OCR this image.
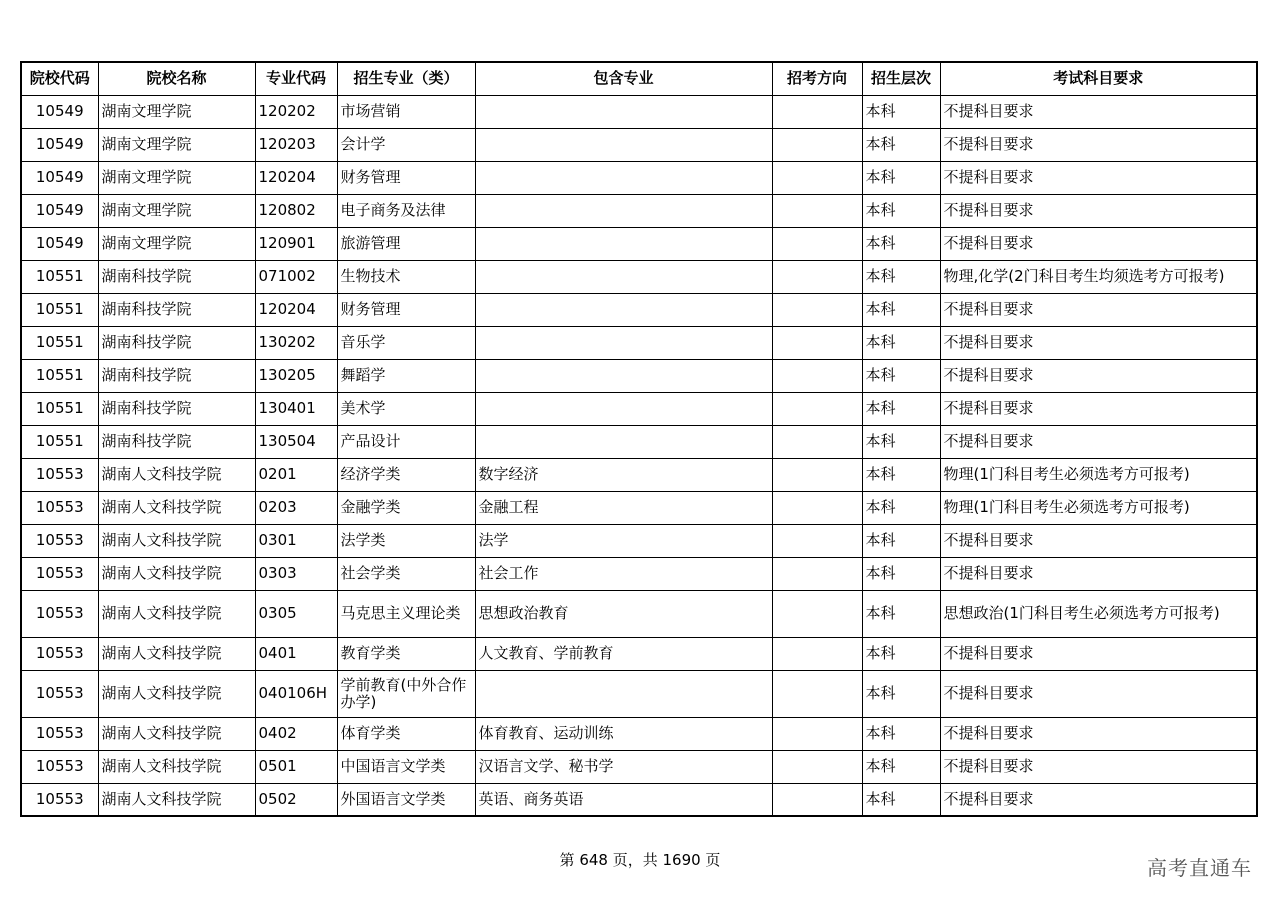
院校代码	院校名称	专业代码	招生专业（类）	包含专业	招考方向	招生层次	考试科目要求
10549	湖南文理学院	120202	市场营销			本科	不提科目要求
10549	湖南文理学院	120203	会计学			本科	不提科目要求
10549	湖南文理学院	120204	财务管理			本科	不提科目要求
10549	湖南文理学院	120802	电子商务及法律			本科	不提科目要求
10549	湖南文理学院	120901	旅游管理			本科	不提科目要求
10551	湖南科技学院	071002	生物技术			本科	物理,化学(2门科目考生均须选考方可报考)
10551	湖南科技学院	120204	财务管理			本科	不提科目要求
10551	湖南科技学院	130202	音乐学			本科	不提科目要求
10551	湖南科技学院	130205	舞蹈学			本科	不提科目要求
10551	湖南科技学院	130401	美术学			本科	不提科目要求
10551	湖南科技学院	130504	产品设计			本科	不提科目要求
10553	湖南人文科技学院	0201	经济学类	数字经济		本科	物理(1门科目考生必须选考方可报考)
10553	湖南人文科技学院	0203	金融学类	金融工程		本科	物理(1门科目考生必须选考方可报考)
10553	湖南人文科技学院	0301	法学类	法学		本科	不提科目要求
10553	湖南人文科技学院	0303	社会学类	社会工作		本科	不提科目要求
10553	湖南人文科技学院	0305	马克思主义理论类	思想政治教育		本科	思想政治(1门科目考生必须选考方可报考)
10553	湖南人文科技学院	0401	教育学类	人文教育、学前教育		本科	不提科目要求
10553	湖南人文科技学院	040106H	学前教育(中外合作办学)			本科	不提科目要求
10553	湖南人文科技学院	0402	体育学类	体育教育、运动训练		本科	不提科目要求
10553	湖南人文科技学院	0501	中国语言文学类	汉语言文学、秘书学		本科	不提科目要求
10553	湖南人文科技学院	0502	外国语言文学类	英语、商务英语		本科	不提科目要求
第 648 页，共 1690 页	高考直通车
